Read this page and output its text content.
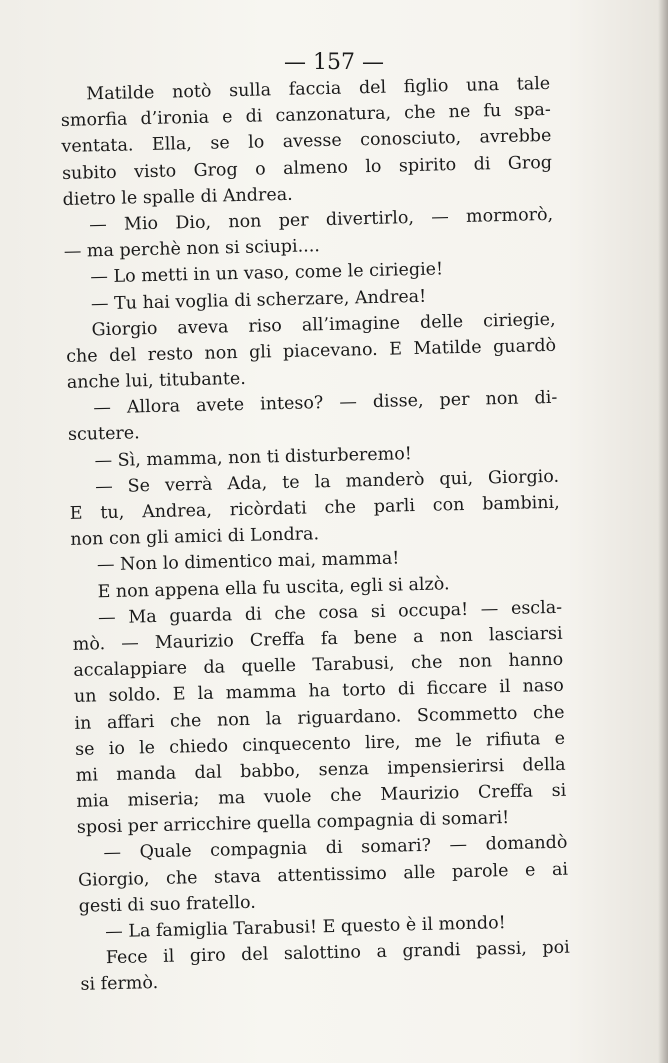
— 157 —
Matilde notò sulla faccia del figlio una tale
smorfia d’ironia e di canzonatura, che ne fu spa-
ventata. Ella, se lo avesse conosciuto, avrebbe
subito visto Grog o almeno lo spirito di Grog
dietro le spalle di Andrea.
— Mio Dio, non per divertirlo, — mormorò,
— ma perchè non si sciupi....
— Lo metti in un vaso, come le ciriegie!
— Tu hai voglia di scherzare, Andrea!
Giorgio aveva riso all’imagine delle ciriegie,
che del resto non gli piacevano. E Matilde guardò
anche lui, titubante.
— Allora avete inteso? — disse, per non di-
scutere.
— Sì, mamma, non ti disturberemo!
— Se verrà Ada, te la manderò qui, Giorgio.
E tu, Andrea, ricòrdati che parli con bambini,
non con gli amici di Londra.
— Non lo dimentico mai, mamma!
E non appena ella fu uscita, egli si alzò.
— Ma guarda di che cosa si occupa! — escla-
mò. — Maurizio Creffa fa bene a non lasciarsi
accalappiare da quelle Tarabusi, che non hanno
un soldo. E la mamma ha torto di ficcare il naso
in affari che non la riguardano. Scommetto che
se io le chiedo cinquecento lire, me le rifiuta e
mi manda dal babbo, senza impensierirsi della
mia miseria; ma vuole che Maurizio Creffa si
sposi per arricchire quella compagnia di somari!
— Quale compagnia di somari? — domandò
Giorgio, che stava attentissimo alle parole e ai
gesti di suo fratello.
— La famiglia Tarabusi! E questo è il mondo!
Fece il giro del salottino a grandi passi, poi
si fermò.
